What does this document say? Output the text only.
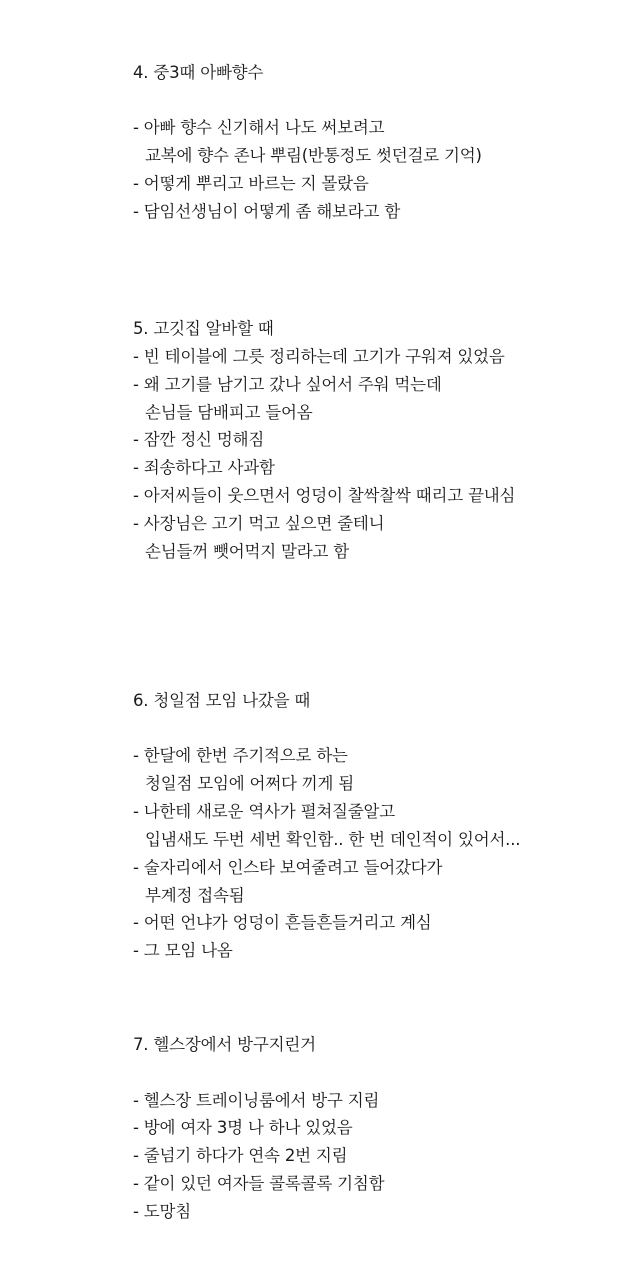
4. 중3때 아빠향수
- 아빠 향수 신기해서 나도 써보려고
교복에 향수 존나 뿌림(반통정도 썻던걸로 기억)
- 어떻게 뿌리고 바르는 지 몰랐음
- 담임선생님이 어떻게 좀 해보라고 함
5. 고깃집 알바할 때
- 빈 테이블에 그릇 정리하는데 고기가 구워져 있었음
- 왜 고기를 남기고 갔나 싶어서 주워 먹는데
손님들 담배피고 들어옴
- 잠깐 정신 멍해짐
- 죄송하다고 사과함
- 아저씨들이 웃으면서 엉덩이 찰싹찰싹 때리고 끝내심
- 사장님은 고기 먹고 싶으면 줄테니
손님들꺼 뺏어먹지 말라고 함
6. 청일점 모임 나갔을 때
- 한달에 한번 주기적으로 하는
청일점 모임에 어쩌다 끼게 됨
- 나한테 새로운 역사가 펼쳐질줄알고
입냄새도 두번 세번 확인함.. 한 번 데인적이 있어서...
- 술자리에서 인스타 보여줄려고 들어갔다가
부계정 접속됨
- 어떤 언냐가 엉덩이 흔들흔들거리고 계심
- 그 모임 나옴
7. 헬스장에서 방구지린거
- 헬스장 트레이닝룸에서 방구 지림
- 방에 여자 3명 나 하나 있었음
- 줄넘기 하다가 연속 2번 지림
- 같이 있던 여자들 콜록콜록 기침함
- 도망침
